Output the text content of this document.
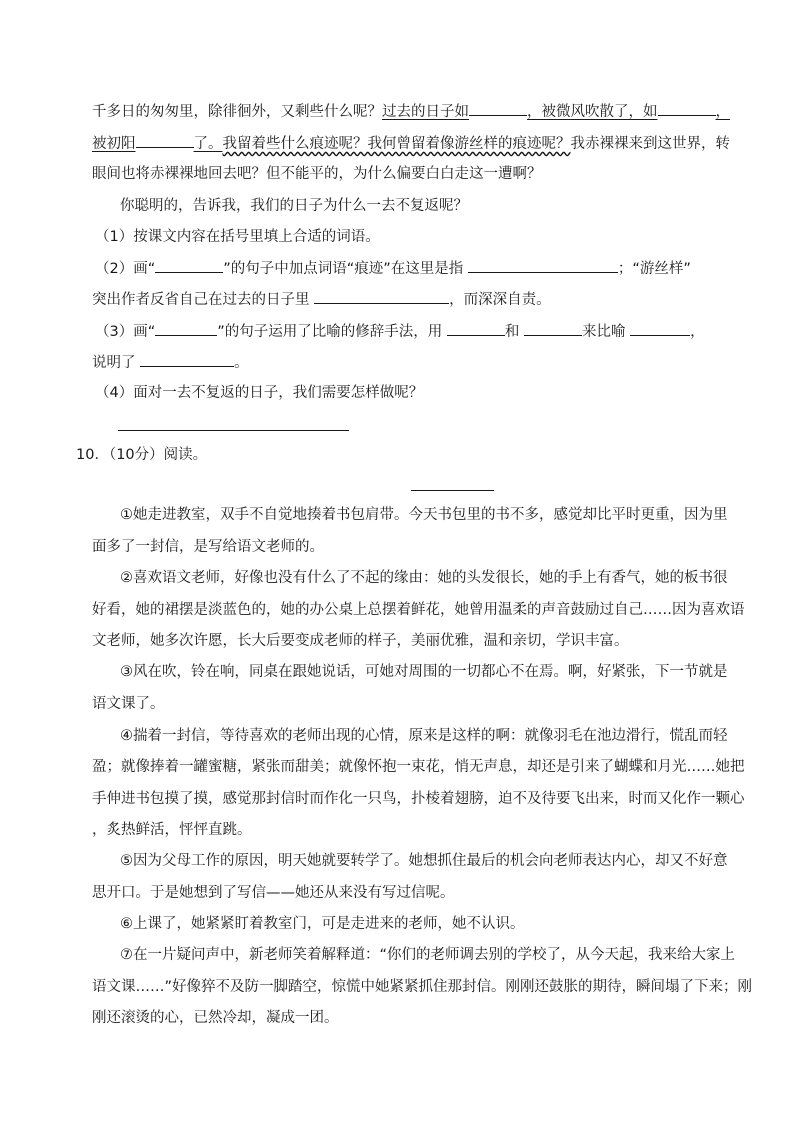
千多日的匆匆里，除徘徊外，又剩些什么呢？过去的日子如	，被微风吹散了，如	，
被初阳	了。我留着些什么痕迹呢？我何曾留着像游丝样的痕迹呢？我赤裸裸来到这世界，转
眼间也将赤裸裸地回去吧？但不能平的，为什么偏要白白走这一遭啊？
你聪明的，告诉我，我们的日子为什么一去不复返呢？
（1）按课文内容在括号里填上合适的词语。
（2）画“	”的句子中加点词语“痕迹”在这里是指	；“游丝样”
突出作者反省自己在过去的日子里	，而深深自责。
（3）画“	”的句子运用了比喻的修辞手法，用	和	来比喻	，
说明了	。
（4）面对一去不复返的日子，我们需要怎样做呢？
10．（10分）阅读。
①她走进教室，双手不自觉地揍着书包肩带。今天书包里的书不多，感觉却比平时更重，因为里
面多了一封信，是写给语文老师的。
②喜欢语文老师，好像也没有什么了不起的缘由：她的头发很长，她的手上有香气，她的板书很
好看，她的裙摆是淡蓝色的，她的办公桌上总摆着鲜花，她曾用温柔的声音鼓励过自己……因为喜欢语
文老师，她多次许愿，长大后要变成老师的样子，美丽优雅，温和亲切，学识丰富。
③风在吹，铃在响，同桌在跟她说话，可她对周围的一切都心不在焉。啊，好紧张，下一节就是
语文课了。
④揣着一封信，等待喜欢的老师出现的心情，原来是这样的啊：就像羽毛在池边滑行，慌乱而轻
盈；就像捧着一罐蜜糖，紧张而甜美；就像怀抱一束花，悄无声息，却还是引来了蝴蝶和月光……她把
手伸进书包摸了摸，感觉那封信时而作化一只鸟，扑棱着翅膀，迫不及待要飞出来，时而又化作一颗心
，炙热鲜活，怦怦直跳。
⑤因为父母工作的原因，明天她就要转学了。她想抓住最后的机会向老师表达内心，却又不好意
思开口。于是她想到了写信——她还从来没有写过信呢。
⑥上课了，她紧紧盯着教室门，可是走进来的老师，她不认识。
⑦在一片疑问声中，新老师笑着解释道：“你们的老师调去别的学校了，从今天起，我来给大家上
语文课……”好像猝不及防一脚踏空，惊慌中她紧紧抓住那封信。刚刚还鼓胀的期待，瞬间塌了下来；刚
刚还滚烫的心，已然冷却，凝成一团。
